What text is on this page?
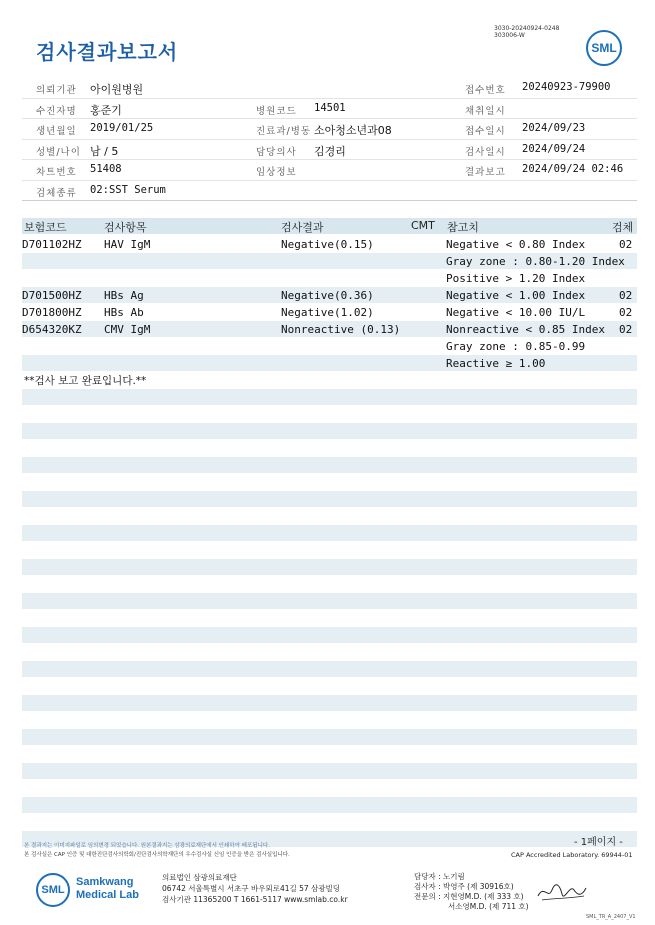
검사결과보고서
3030-20240924-0248
303006-W
SML
의뢰기관 아이원병원	접수번호 20240923-79900
수진자명 홍준기	병원코드 14501	채취일시
생년월일 2019/01/25	진료과/병동 소아청소년과08	접수일시 2024/09/23
성별/나이 남 / 5	담당의사 김경리	검사일시 2024/09/24
차트번호 51408	임상정보	결과보고 2024/09/24 02:46
검체종류 02:SST Serum
보험코드	검사항목	검사결과	CMT 참고치	검체
D701102HZ HAV IgM	Negative(0.15)	Negative < 0.80 Index	02
Gray zone : 0.80-1.20 Index
Positive > 1.20 Index
D701500HZ HBs Ag	Negative(0.36)	Negative < 1.00 Index	02
D701800HZ HBs Ab	Negative(1.02)	Negative < 10.00 IU/L	02
D654320KZ CMV IgM	Nonreactive (0.13)	Nonreactive < 0.85 Index 02
Gray zone : 0.85-0.99
Reactive ≥ 1.00
**검사 보고 완료입니다.**
본 결과지는 이미지파일로 임의변경 되었습니다. 원본결과지는 삼광의료재단에서 인쇄하여 배포됩니다.
본 검사실은 CAP 인증 및 대한진단검사의학회/진단검사의학재단의 우수검사실 신임 인증을 받은 검사실입니다.
- 1페이지 -
CAP Accredited Laboratory. 69944-01
SML
Samkwang
Medical Lab
의료법인 삼광의료재단
06742 서울특별시 서초구 바우뫼로41길 57 삼광빌딩
검사기관 11365200 T 1661-5117 www.smlab.co.kr
담당자 : 노기림
검사자 : 박영주 (제 30916호)
전문의 : 지현영M.D. (제 333 호)
서소영M.D. (제 711 호)
SML_TR_A_2407_V1
